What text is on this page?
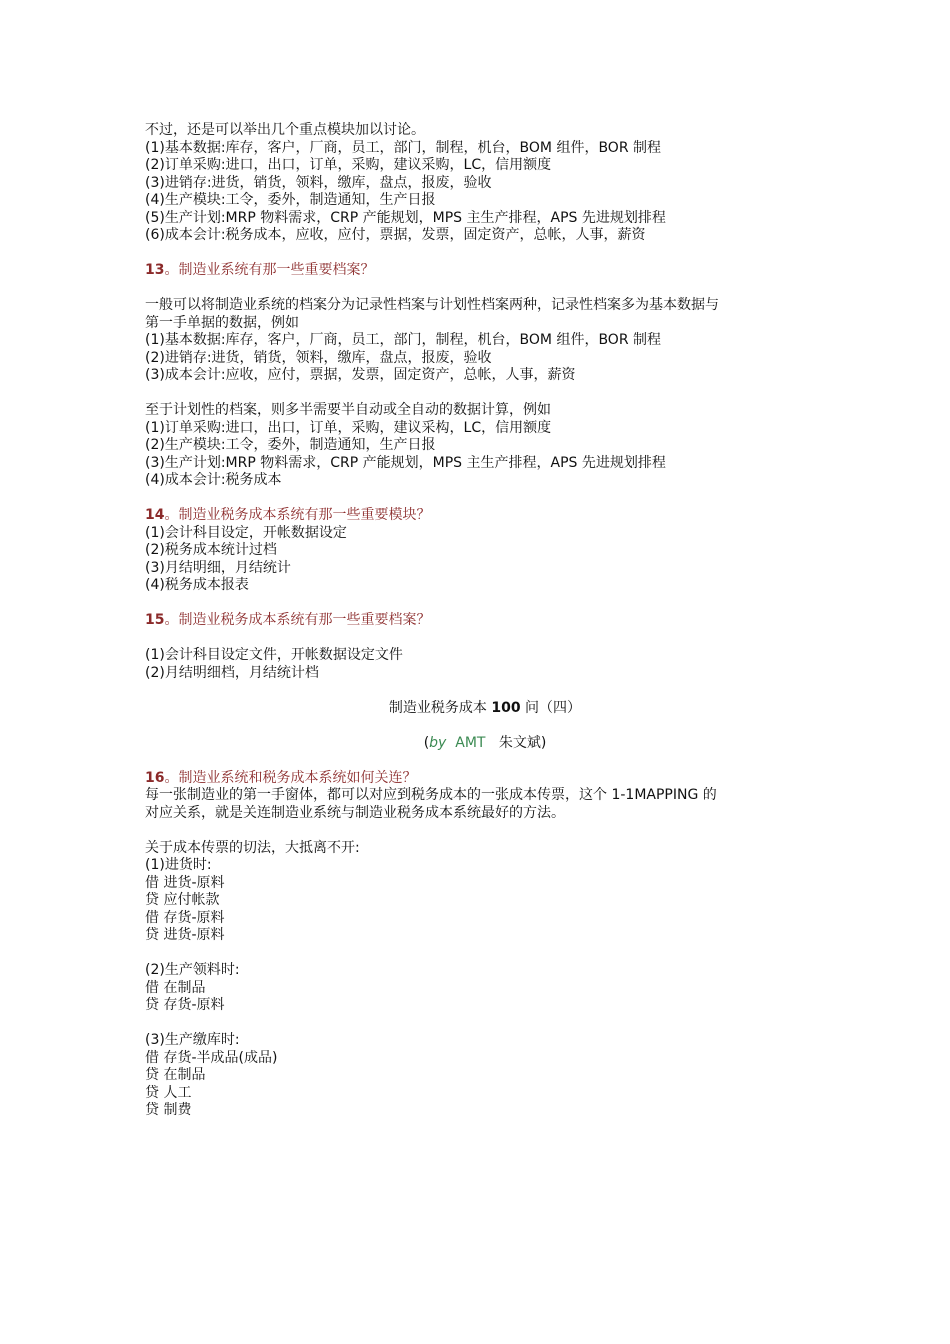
不过，还是可以举出几个重点模块加以讨论。
(1)基本数据:库存，客户，厂商，员工，部门，制程，机台，BOM 组件，BOR 制程
(2)订单采购:进口，出口，订单，采购，建议采购，LC，信用额度
(3)进销存:进货，销货，领料，缴库，盘点，报废，验收
(4)生产模块:工令，委外，制造通知，生产日报
(5)生产计划:MRP 物料需求，CRP 产能规划，MPS 主生产排程，APS 先进规划排程
(6)成本会计:税务成本，应收，应付，票据，发票，固定资产，总帐，人事，薪资
13。制造业系统有那一些重要档案？
一般可以将制造业系统的档案分为记录性档案与计划性档案两种，记录性档案多为基本数据与
第一手单据的数据，例如
(1)基本数据:库存，客户，厂商，员工，部门，制程，机台，BOM 组件，BOR 制程
(2)进销存:进货，销货，领料，缴库，盘点，报废，验收
(3)成本会计:应收，应付，票据，发票，固定资产，总帐，人事，薪资
至于计划性的档案，则多半需要半自动或全自动的数据计算，例如
(1)订单采购:进口，出口，订单，采购，建议采构，LC，信用额度
(2)生产模块:工令，委外，制造通知，生产日报
(3)生产计划:MRP 物料需求，CRP 产能规划，MPS 主生产排程，APS 先进规划排程
(4)成本会计:税务成本
14。制造业税务成本系统有那一些重要模块？
(1)会计科目设定，开帐数据设定
(2)税务成本统计过档
(3)月结明细，月结统计
(4)税务成本报表
15。制造业税务成本系统有那一些重要档案？
(1)会计科目设定文件，开帐数据设定文件
(2)月结明细档，月结统计档
制造业税务成本 100 问（四）
(by AMT 朱文斌)
16。制造业系统和税务成本系统如何关连？
每一张制造业的第一手窗体，都可以对应到税务成本的一张成本传票，这个 1-1MAPPING 的
对应关系，就是关连制造业系统与制造业税务成本系统最好的方法。
关于成本传票的切法，大抵离不开:
(1)进货时:
借 进货-原料
贷 应付帐款
借 存货-原料
贷 进货-原料
(2)生产领料时:
借 在制品
贷 存货-原料
(3)生产缴库时:
借 存货-半成品(成品)
贷 在制品
贷 人工
贷 制费
